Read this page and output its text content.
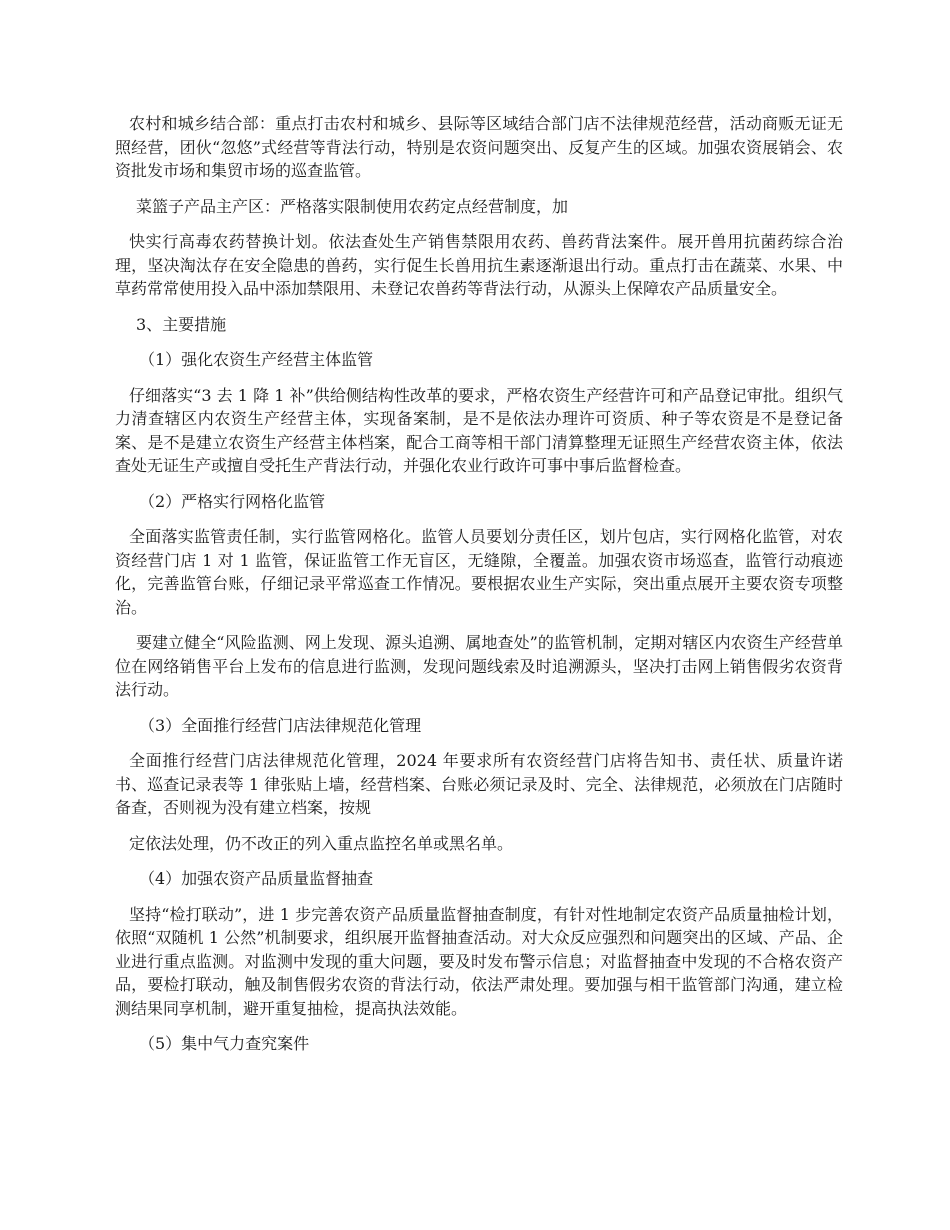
农村和城乡结合部：重点打击农村和城乡、县际等区域结合部门店不法律规范经营，活动商贩无证无照经营，团伙“忽悠”式经营等背法行动，特别是农资问题突出、反复产生的区域。加强农资展销会、农资批发市场和集贸市场的巡查监管。

菜篮子产品主产区：严格落实限制使用农药定点经营制度，加

快实行高毒农药替换计划。依法查处生产销售禁限用农药、兽药背法案件。展开兽用抗菌药综合治理，坚决淘汰存在安全隐患的兽药，实行促生长兽用抗生素逐渐退出行动。重点打击在蔬菜、水果、中草药常常使用投入品中添加禁限用、未登记农兽药等背法行动，从源头上保障农产品质量安全。

3、主要措施

（1）强化农资生产经营主体监管

仔细落实“3 去 1 降 1 补”供给侧结构性改革的要求，严格农资生产经营许可和产品登记审批。组织气力清查辖区内农资生产经营主体，实现备案制，是不是依法办理许可资质、种子等农资是不是登记备案、是不是建立农资生产经营主体档案，配合工商等相干部门清算整理无证照生产经营农资主体，依法查处无证生产或擅自受托生产背法行动，并强化农业行政许可事中事后监督检查。

（2）严格实行网格化监管

全面落实监管责任制，实行监管网格化。监管人员要划分责任区，划片包店，实行网格化监管，对农资经营门店 1 对 1 监管，保证监管工作无盲区，无缝隙，全覆盖。加强农资市场巡查，监管行动痕迹化，完善监管台账，仔细记录平常巡查工作情况。要根据农业生产实际，突出重点展开主要农资专项整治。

要建立健全“风险监测、网上发现、源头追溯、属地查处”的监管机制，定期对辖区内农资生产经营单位在网络销售平台上发布的信息进行监测，发现问题线索及时追溯源头，坚决打击网上销售假劣农资背法行动。

（3）全面推行经营门店法律规范化管理

全面推行经营门店法律规范化管理，2024 年要求所有农资经营门店将告知书、责任状、质量许诺书、巡查记录表等 1 律张贴上墙，经营档案、台账必须记录及时、完全、法律规范，必须放在门店随时备查，否则视为没有建立档案，按规

定依法处理，仍不改正的列入重点监控名单或黑名单。

（4）加强农资产品质量监督抽查

坚持“检打联动”，进 1 步完善农资产品质量监督抽查制度，有针对性地制定农资产品质量抽检计划，依照“双随机 1 公然”机制要求，组织展开监督抽查活动。对大众反应强烈和问题突出的区域、产品、企业进行重点监测。对监测中发现的重大问题，要及时发布警示信息；对监督抽查中发现的不合格农资产品，要检打联动，触及制售假劣农资的背法行动，依法严肃处理。要加强与相干监管部门沟通，建立检测结果同享机制，避开重复抽检，提高执法效能。

（5）集中气力查究案件
